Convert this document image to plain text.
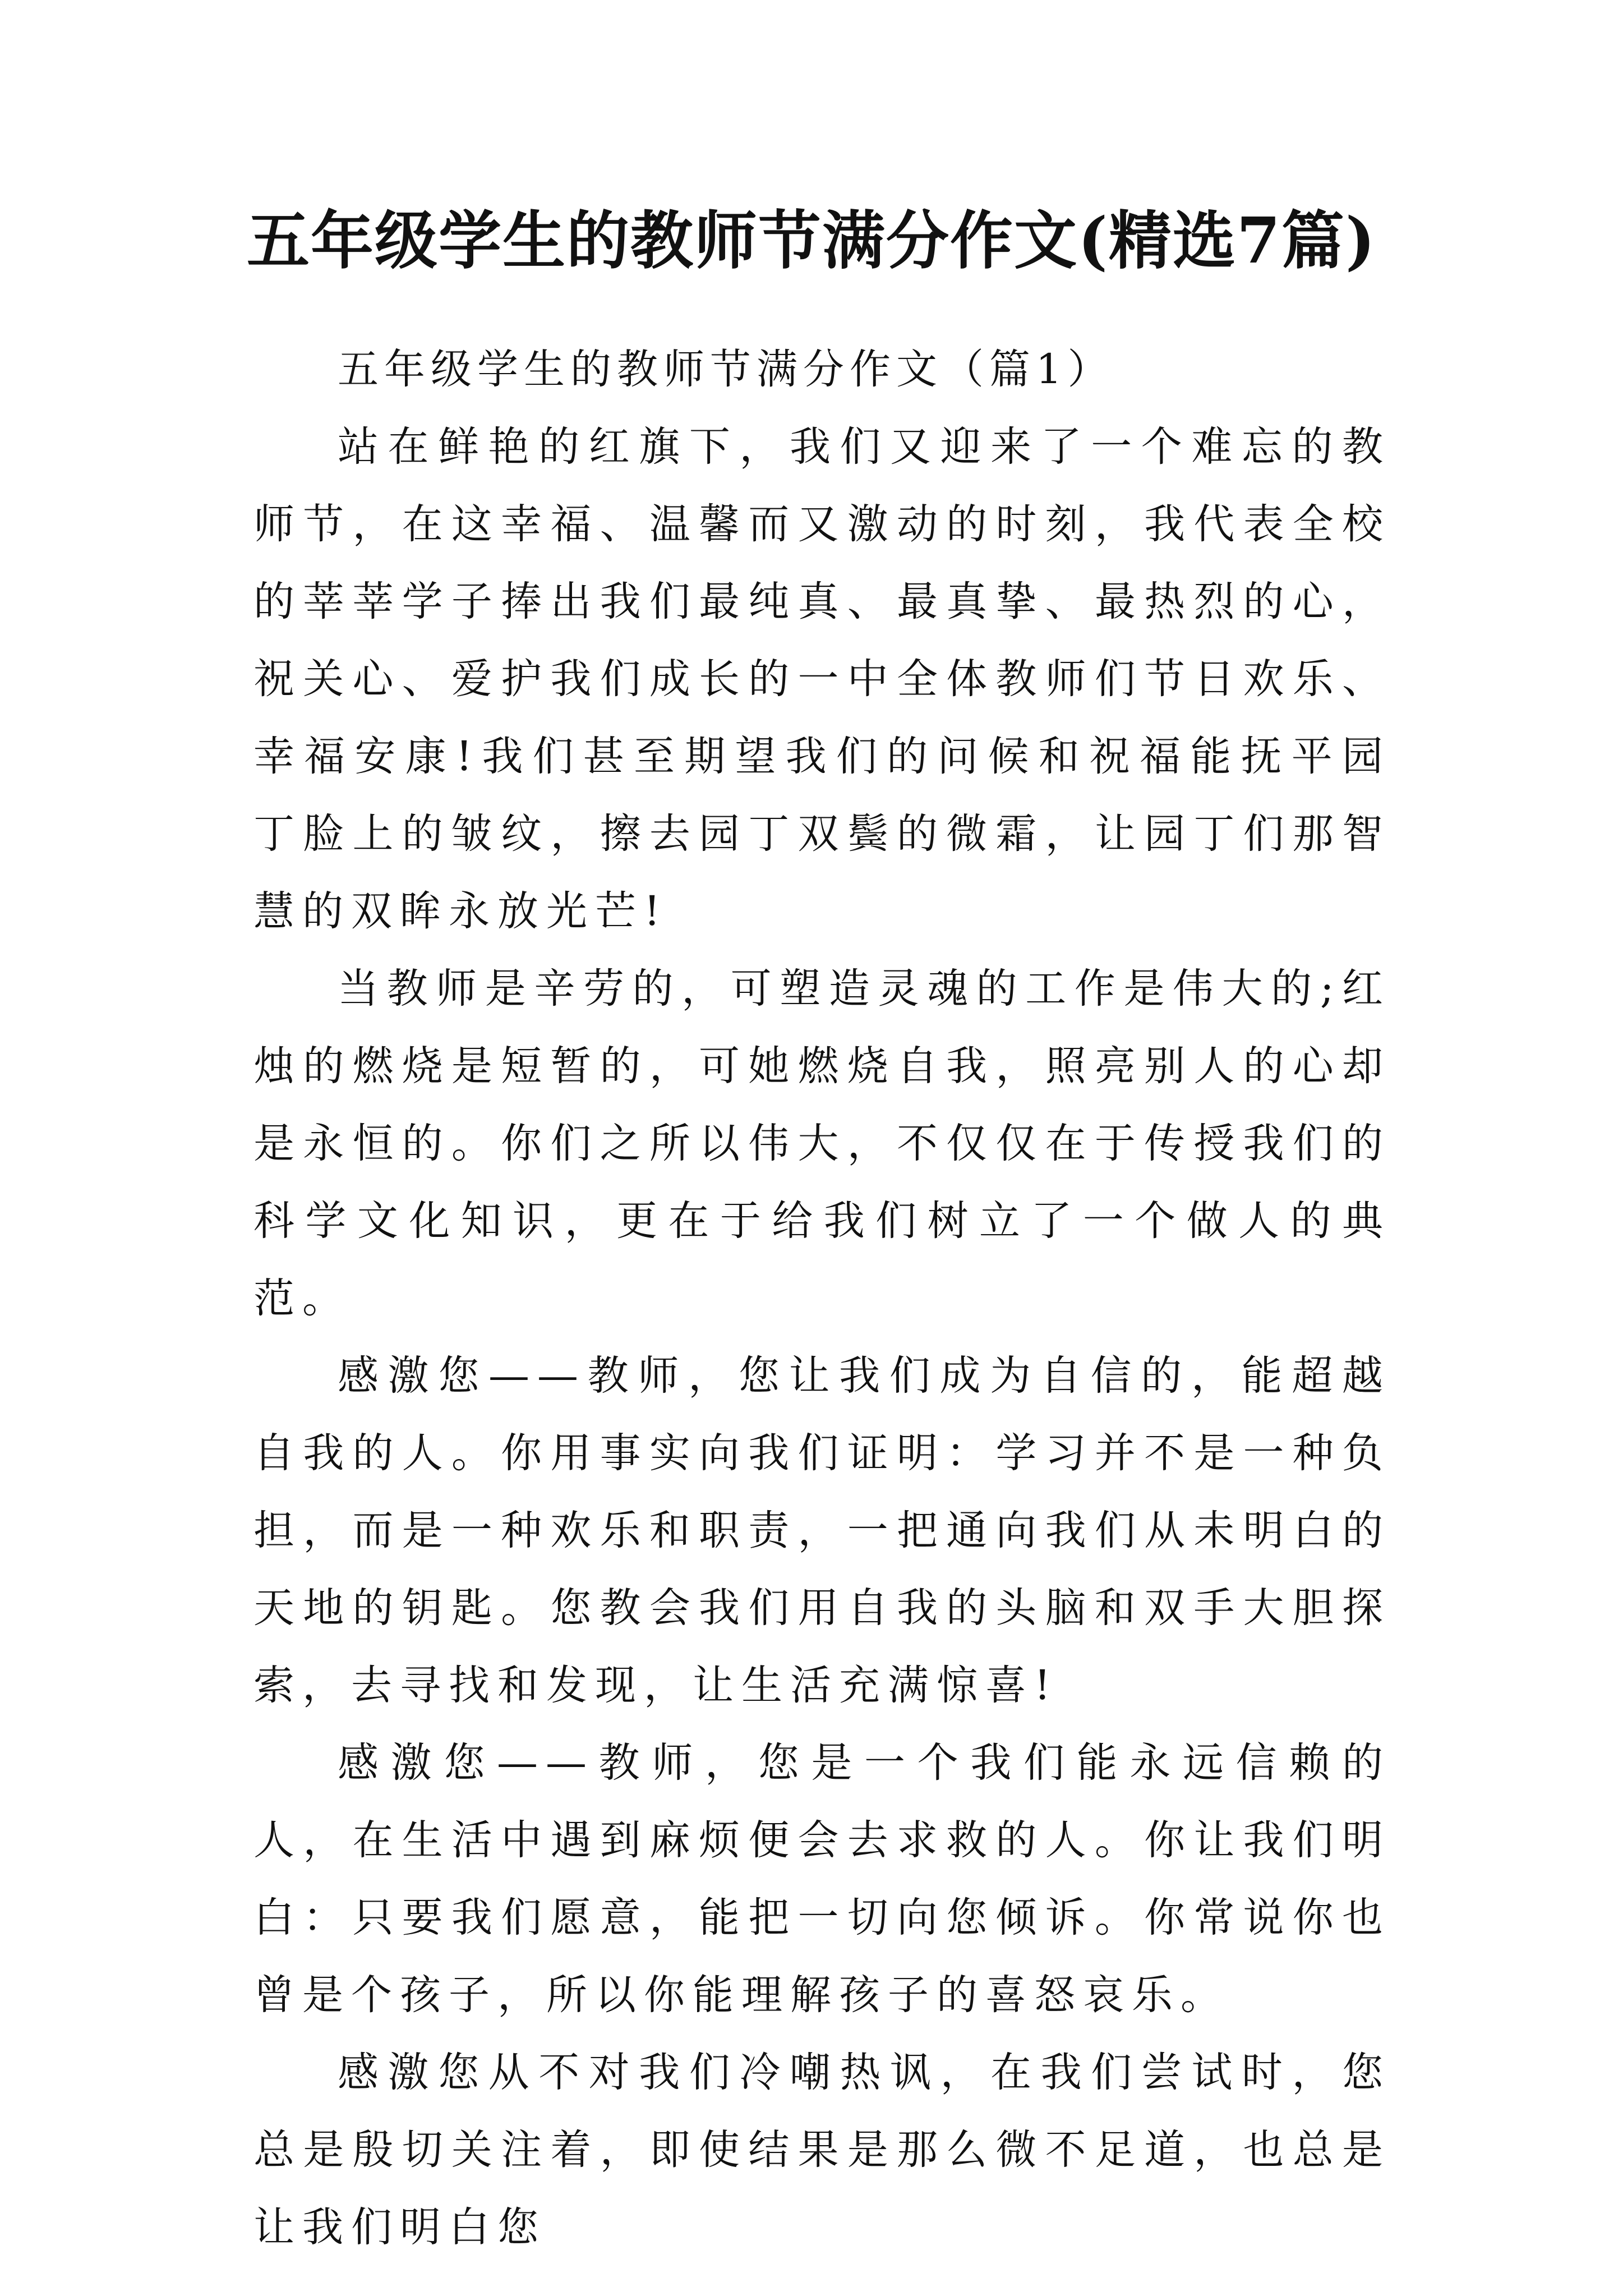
五年级学生的教师节满分作文(精选7篇)

五年级学生的教师节满分作文（篇1）

站在鲜艳的红旗下，我们又迎来了一个难忘的教师节，在这幸福、温馨而又激动的时刻，我代表全校的莘莘学子捧出我们最纯真、最真挚、最热烈的心，祝关心、爱护我们成长的一中全体教师们节日欢乐、幸福安康!我们甚至期望我们的问候和祝福能抚平园丁脸上的皱纹，擦去园丁双鬓的微霜，让园丁们那智慧的双眸永放光芒!

当教师是辛劳的，可塑造灵魂的工作是伟大的;红烛的燃烧是短暂的，可她燃烧自我，照亮别人的心却是永恒的。你们之所以伟大，不仅仅在于传授我们的科学文化知识，更在于给我们树立了一个做人的典范。

感激您——教师，您让我们成为自信的，能超越自我的人。你用事实向我们证明：学习并不是一种负担，而是一种欢乐和职责，一把通向我们从未明白的天地的钥匙。您教会我们用自我的头脑和双手大胆探索，去寻找和发现，让生活充满惊喜!

感激您——教师，您是一个我们能永远信赖的人，在生活中遇到麻烦便会去求救的人。你让我们明白：只要我们愿意，能把一切向您倾诉。你常说你也曾是个孩子，所以你能理解孩子的喜怒哀乐。

感激您从不对我们冷嘲热讽，在我们尝试时，您总是殷切关注着，即使结果是那么微不足道，也总是让我们明白您
